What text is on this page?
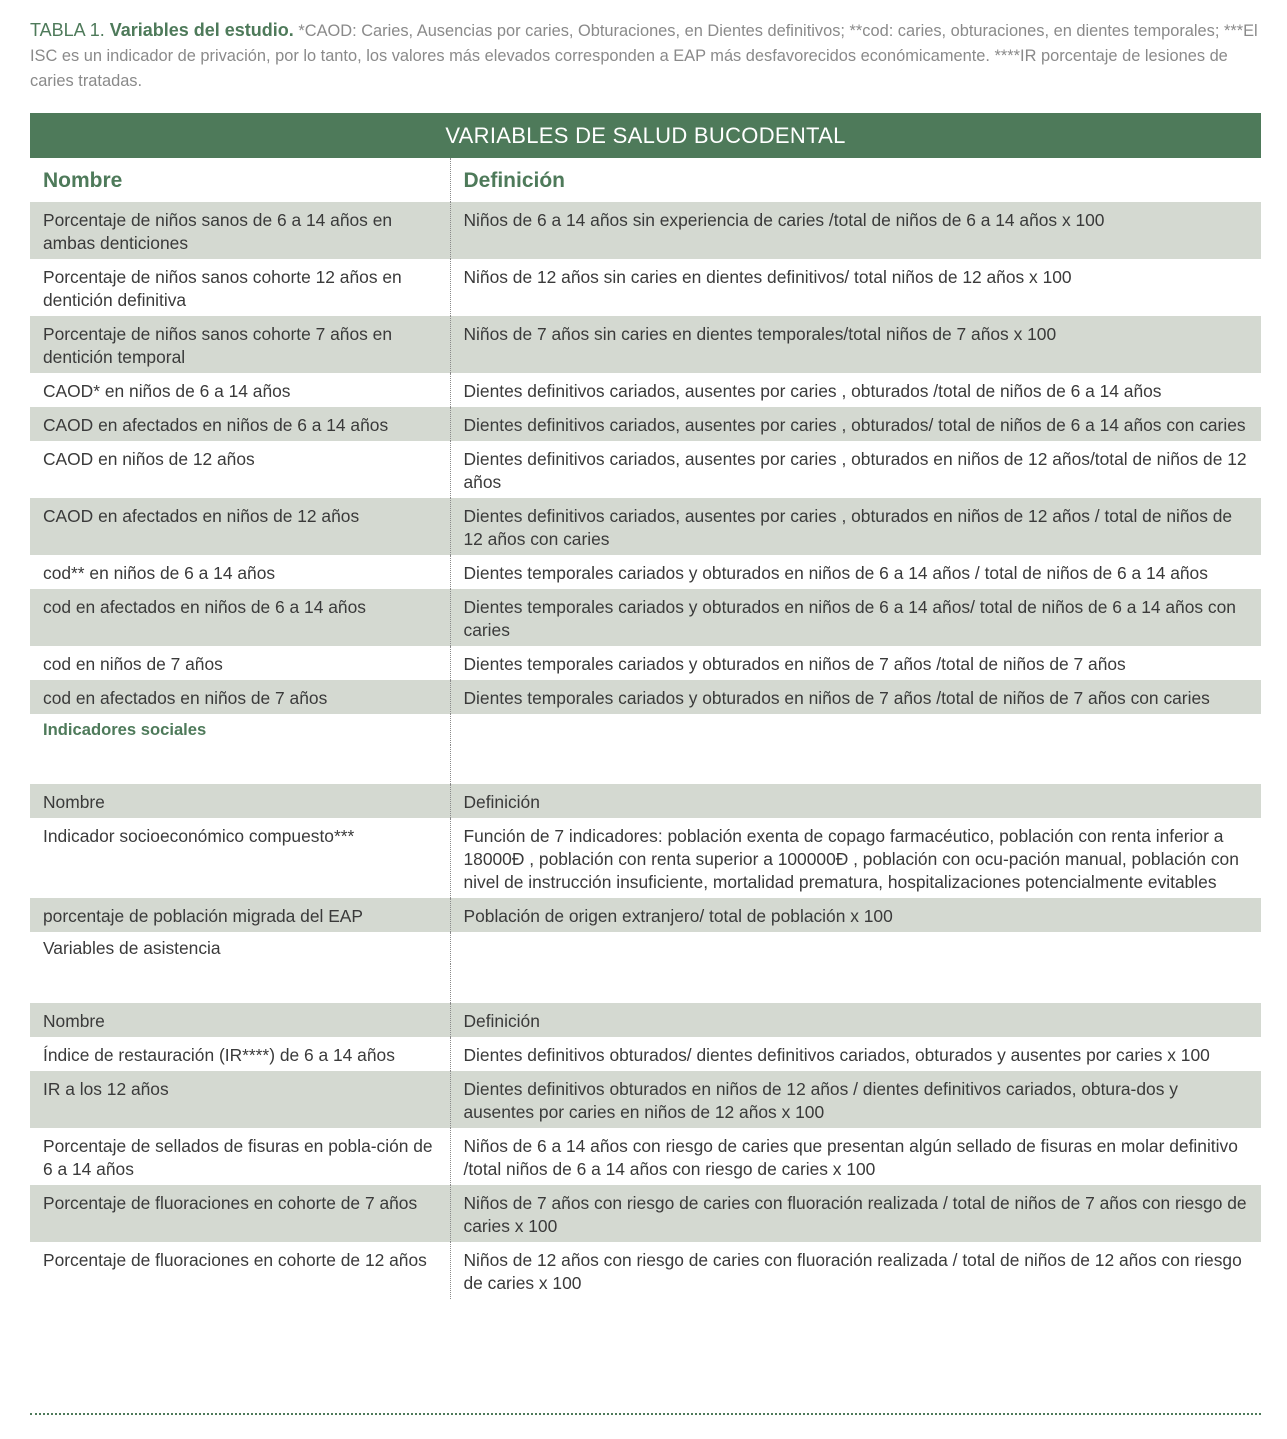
TABLA 1. Variables del estudio. *CAOD: Caries, Ausencias por caries, Obturaciones, en Dientes definitivos; **cod: caries, obturaciones, en dientes temporales; ***El ISC es un indicador de privación, por lo tanto, los valores más elevados corresponden a EAP más desfavorecidos económicamente. ****IR porcentaje de lesiones de caries tratadas.
VARIABLES DE SALUD BUCODENTAL	
Nombre	Definición
Porcentaje de niños sanos de 6 a 14 años en ambas denticiones	Niños de 6 a 14 años sin experiencia de caries /total de niños de 6 a 14 años x 100
Porcentaje de niños sanos cohorte 12 años en dentición definitiva	Niños de 12 años sin caries en dientes definitivos/ total niños de 12 años x 100
Porcentaje de niños sanos cohorte 7 años en dentición temporal	Niños de 7 años sin caries en dientes temporales/total niños de 7 años x 100
CAOD* en niños de 6 a 14 años	Dientes definitivos cariados, ausentes por caries , obturados /total de niños de 6 a 14 años
CAOD en afectados en niños de 6 a 14 años	Dientes definitivos cariados, ausentes por caries , obturados/ total de niños de 6 a 14 años con caries
CAOD en niños de 12 años	Dientes definitivos cariados, ausentes por caries , obturados en niños de 12 años/total de niños de 12 años
CAOD en afectados en niños de 12 años	Dientes definitivos cariados, ausentes por caries , obturados en niños de 12 años / total de niños de 12 años con caries
cod** en niños de 6 a 14 años	Dientes temporales cariados y obturados en niños de 6 a 14 años / total de niños de 6 a 14 años
cod en afectados en niños de 6 a 14 años	Dientes temporales cariados y obturados en niños de 6 a 14 años/ total de niños de 6 a 14 años con caries
cod en niños de 7 años	Dientes temporales cariados y obturados en niños de 7 años /total de niños de 7 años
cod en afectados en niños de 7 años	Dientes temporales cariados y obturados en niños de 7 años /total de niños de 7 años con caries
Indicadores sociales	

Nombre	Definición
Indicador socioeconómico compuesto***	Función de 7 indicadores: población exenta de copago farmacéutico, población con renta inferior a 18000Đ , población con renta superior a 100000Đ , población con ocu-pación manual, población con nivel de instrucción insuficiente, mortalidad prematura, hospitalizaciones potencialmente evitables
porcentaje de población migrada del EAP	Población de origen extranjero/ total de población x 100
Variables de asistencia	

Nombre	Definición
Índice de restauración (IR****) de 6 a 14 años	Dientes definitivos obturados/ dientes definitivos cariados, obturados y ausentes por caries x 100
IR a los 12 años	Dientes definitivos obturados en niños de 12 años / dientes definitivos cariados, obtura-dos y ausentes por caries en niños de 12 años x 100
Porcentaje de sellados de fisuras en pobla-ción de 6 a 14 años	Niños de 6 a 14 años con riesgo de caries que presentan algún sellado de fisuras en molar definitivo /total niños de 6 a 14 años con riesgo de caries x 100
Porcentaje de fluoraciones en cohorte de 7 años	Niños de 7 años con riesgo de caries con fluoración realizada / total de niños de 7 años con riesgo de caries x 100
Porcentaje de fluoraciones en cohorte de 12 años	Niños de 12 años con riesgo de caries con fluoración realizada / total de niños de 12 años con riesgo de caries x 100
